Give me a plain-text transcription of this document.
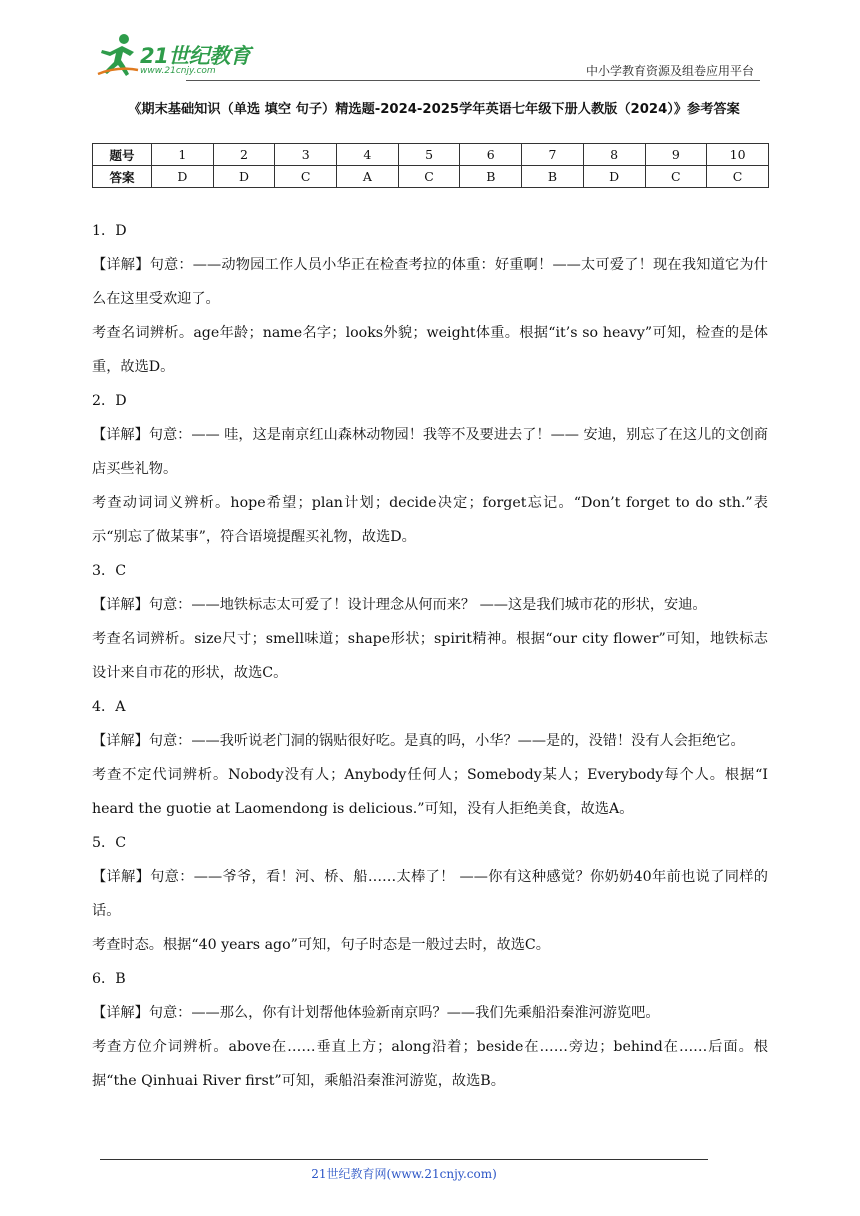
21世纪教育
www.21cnjy.com	中小学教育资源及组卷应用平台
《期末基础知识（单选 填空 句子）精选题-2024-2025学年英语七年级下册人教版（2024）》参考答案
题号	1	2	3	4	5	6	7	8	9	10
答案	D	D	C	A	C	B	B	D	C	C

1．D

【详解】句意：——动物园工作人员小华正在检查考拉的体重：好重啊！——太可爱了！现在我知道它为什么在这里受欢迎了。

考查名词辨析。age年龄；name名字；looks外貌；weight体重。根据“it’s so heavy”可知，检查的是体重，故选D。

2．D

【详解】句意：—— 哇，这是南京红山森林动物园！我等不及要进去了！—— 安迪，别忘了在这儿的文创商店买些礼物。

考查动词词义辨析。hope希望；plan计划；decide决定；forget忘记。“Don’t forget to do sth.”表示“别忘了做某事”，符合语境提醒买礼物，故选D。

3．C

【详解】句意：——地铁标志太可爱了！设计理念从何而来？ ——这是我们城市花的形状，安迪。

考查名词辨析。size尺寸；smell味道；shape形状；spirit精神。根据“our city flower”可知，地铁标志设计来自市花的形状，故选C。

4．A

【详解】句意：——我听说老门洞的锅贴很好吃。是真的吗，小华？——是的，没错！没有人会拒绝它。

考查不定代词辨析。Nobody没有人；Anybody任何人；Somebody某人；Everybody每个人。根据“I heard the guotie at Laomendong is delicious.”可知，没有人拒绝美食，故选A。

5．C

【详解】句意：——爷爷，看！河、桥、船……太棒了！ ——你有这种感觉？你奶奶40年前也说了同样的话。

考查时态。根据“40 years ago”可知，句子时态是一般过去时，故选C。

6．B

【详解】句意：——那么，你有计划帮他体验新南京吗？——我们先乘船沿秦淮河游览吧。

考查方位介词辨析。above在……垂直上方；along沿着；beside在……旁边；behind在……后面。根据“the Qinhuai River first”可知，乘船沿秦淮河游览，故选B。

21世纪教育网(www.21cnjy.com)
